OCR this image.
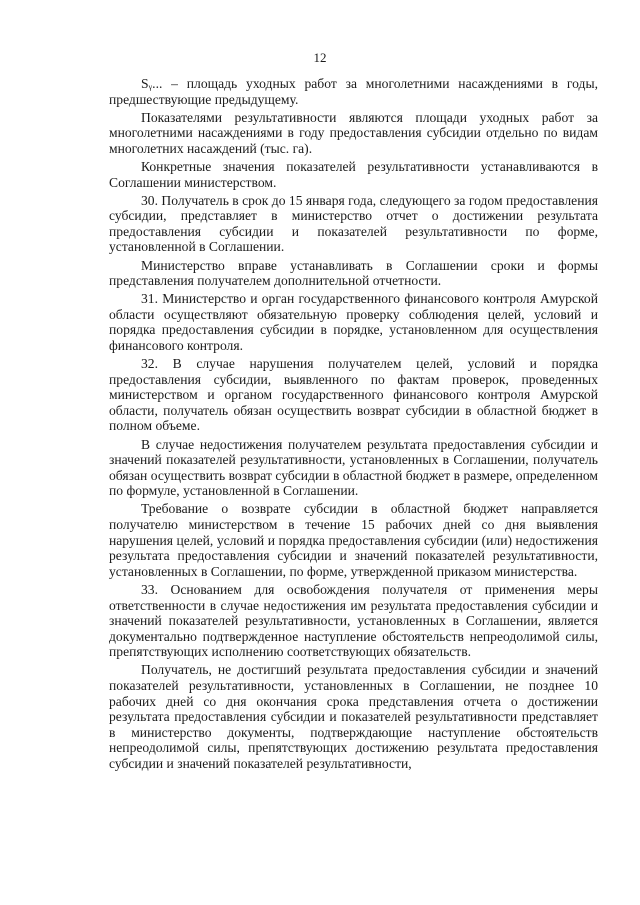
12

Sᵧ... – площадь уходных работ за многолетними насаждениями в годы, предшествующие предыдущему.

Показателями результативности являются площади уходных работ за многолетними насаждениями в году предоставления субсидии отдельно по видам многолетних насаждений (тыс. га).

Конкретные значения показателей результативности устанавливаются в Соглашении министерством.

30. Получатель в срок до 15 января года, следующего за годом предоставления субсидии, представляет в министерство отчет о достижении результата предоставления субсидии и показателей результативности по форме, установленной в Соглашении.

Министерство вправе устанавливать в Соглашении сроки и формы представления получателем дополнительной отчетности.

31. Министерство и орган государственного финансового контроля Амурской области осуществляют обязательную проверку соблюдения целей, условий и порядка предоставления субсидии в порядке, установленном для осуществления финансового контроля.

32. В случае нарушения получателем целей, условий и порядка предоставления субсидии, выявленного по фактам проверок, проведенных министерством и органом государственного финансового контроля Амурской области, получатель обязан осуществить возврат субсидии в областной бюджет в полном объеме.

В случае недостижения получателем результата предоставления субсидии и значений показателей результативности, установленных в Соглашении, получатель обязан осуществить возврат субсидии в областной бюджет в размере, определенном по формуле, установленной в Соглашении.

Требование о возврате субсидии в областной бюджет направляется получателю министерством в течение 15 рабочих дней со дня выявления нарушения целей, условий и порядка предоставления субсидии (или) недостижения результата предоставления субсидии и значений показателей результативности, установленных в Соглашении, по форме, утвержденной приказом министерства.

33. Основанием для освобождения получателя от применения меры ответственности в случае недостижения им результата предоставления субсидии и значений показателей результативности, установленных в Соглашении, является документально подтвержденное наступление обстоятельств непреодолимой силы, препятствующих исполнению соответствующих обязательств.

Получатель, не достигший результата предоставления субсидии и значений показателей результативности, установленных в Соглашении, не позднее 10 рабочих дней со дня окончания срока представления отчета о достижении результата предоставления субсидии и показателей результативности представляет в министерство документы, подтверждающие наступление обстоятельств непреодолимой силы, препятствующих достижению результата предоставления субсидии и значений показателей результативности,
